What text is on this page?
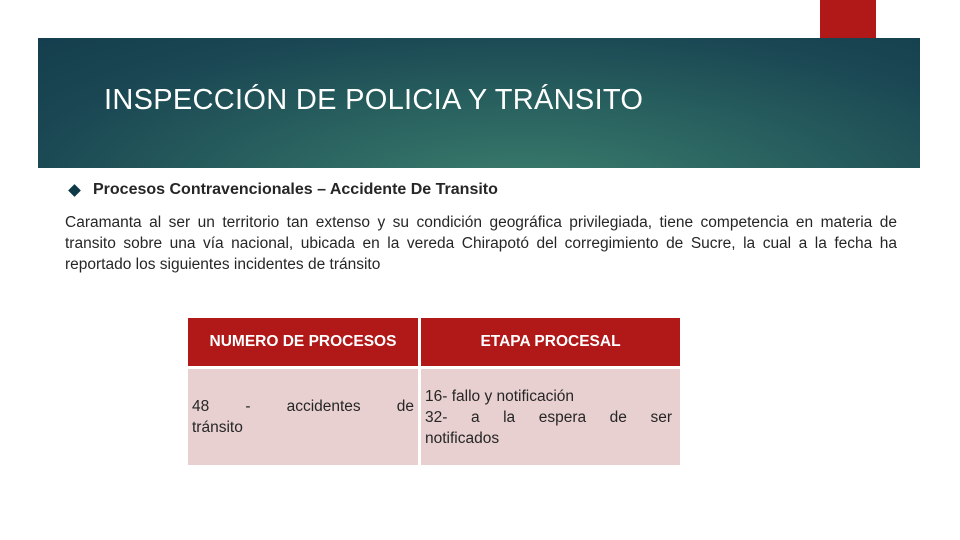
INSPECCIÓN DE POLICIA Y TRÁNSITO
Procesos Contravencionales – Accidente De Transito

Caramanta al ser un territorio tan extenso y su condición geográfica privilegiada, tiene competencia en materia de transito sobre una vía nacional, ubicada en la vereda Chirapotó del corregimiento de Sucre, la cual a la fecha ha reportado los siguientes incidentes de tránsito

NUMERO DE PROCESOS	ETAPA PROCESAL

48 - accidentes de
tránsito	16- fallo y notificación
32- a la espera de ser
notificados
